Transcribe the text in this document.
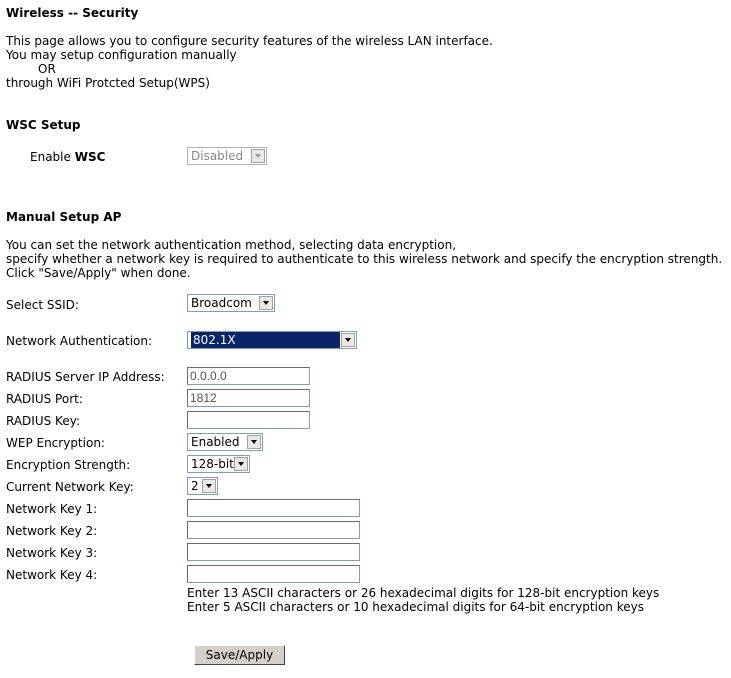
Wireless -- Security
This page allows you to configure security features of the wireless LAN interface.
You may setup configuration manually
OR
through WiFi Protcted Setup(WPS)
WSC Setup
Enable WSC	Disabled
Manual Setup AP
You can set the network authentication method, selecting data encryption,
specify whether a network key is required to authenticate to this wireless network and specify the encryption strength.
Click "Save/Apply" when done.
Select SSID:	Broadcom
Network Authentication:	802.1X
RADIUS Server IP Address:
0.0.0.0
RADIUS Port:
1812
RADIUS Key:
WEP Encryption:	Enabled
Encryption Strength:	128-bit
Current Network Key:	2
Network Key 1:
Network Key 2:
Network Key 3:
Network Key 4:
Enter 13 ASCII characters or 26 hexadecimal digits for 128-bit encryption keys
Enter 5 ASCII characters or 10 hexadecimal digits for 64-bit encryption keys
Save/Apply
